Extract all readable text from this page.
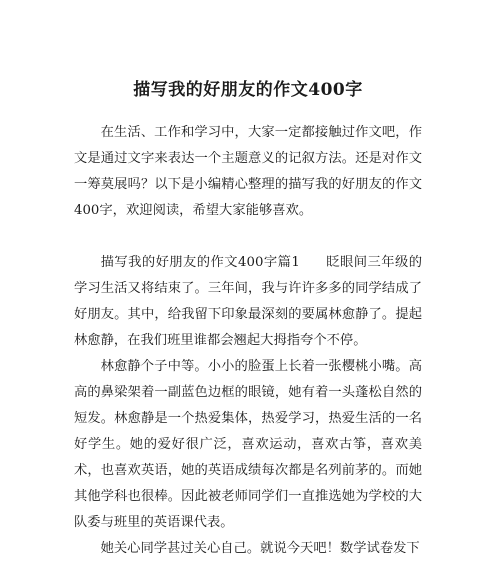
描写我的好朋友的作文400字

在生活、工作和学习中，大家一定都接触过作文吧，作文是通过文字来表达一个主题意义的记叙方法。还是对作文一筹莫展吗？以下是小编精心整理的描写我的好朋友的作文400字，欢迎阅读，希望大家能够喜欢。

描写我的好朋友的作文400字篇1 眨眼间三年级的学习生活又将结束了。三年间，我与许许多多的同学结成了好朋友。其中，给我留下印象最深刻的要属林愈静了。提起林愈静，在我们班里谁都会翘起大拇指夸个不停。

林愈静个子中等。小小的脸蛋上长着一张樱桃小嘴。高高的鼻梁架着一副蓝色边框的眼镜，她有着一头蓬松自然的短发。林愈静是一个热爱集体，热爱学习，热爱生活的一名好学生。她的爱好很广泛，喜欢运动，喜欢古筝，喜欢美术，也喜欢英语，她的英语成绩每次都是名列前茅的。而她其他学科也很棒。因此被老师同学们一直推选她为学校的大队委与班里的英语课代表。

她关心同学甚过关心自己。就说今天吧！数学试卷发下
